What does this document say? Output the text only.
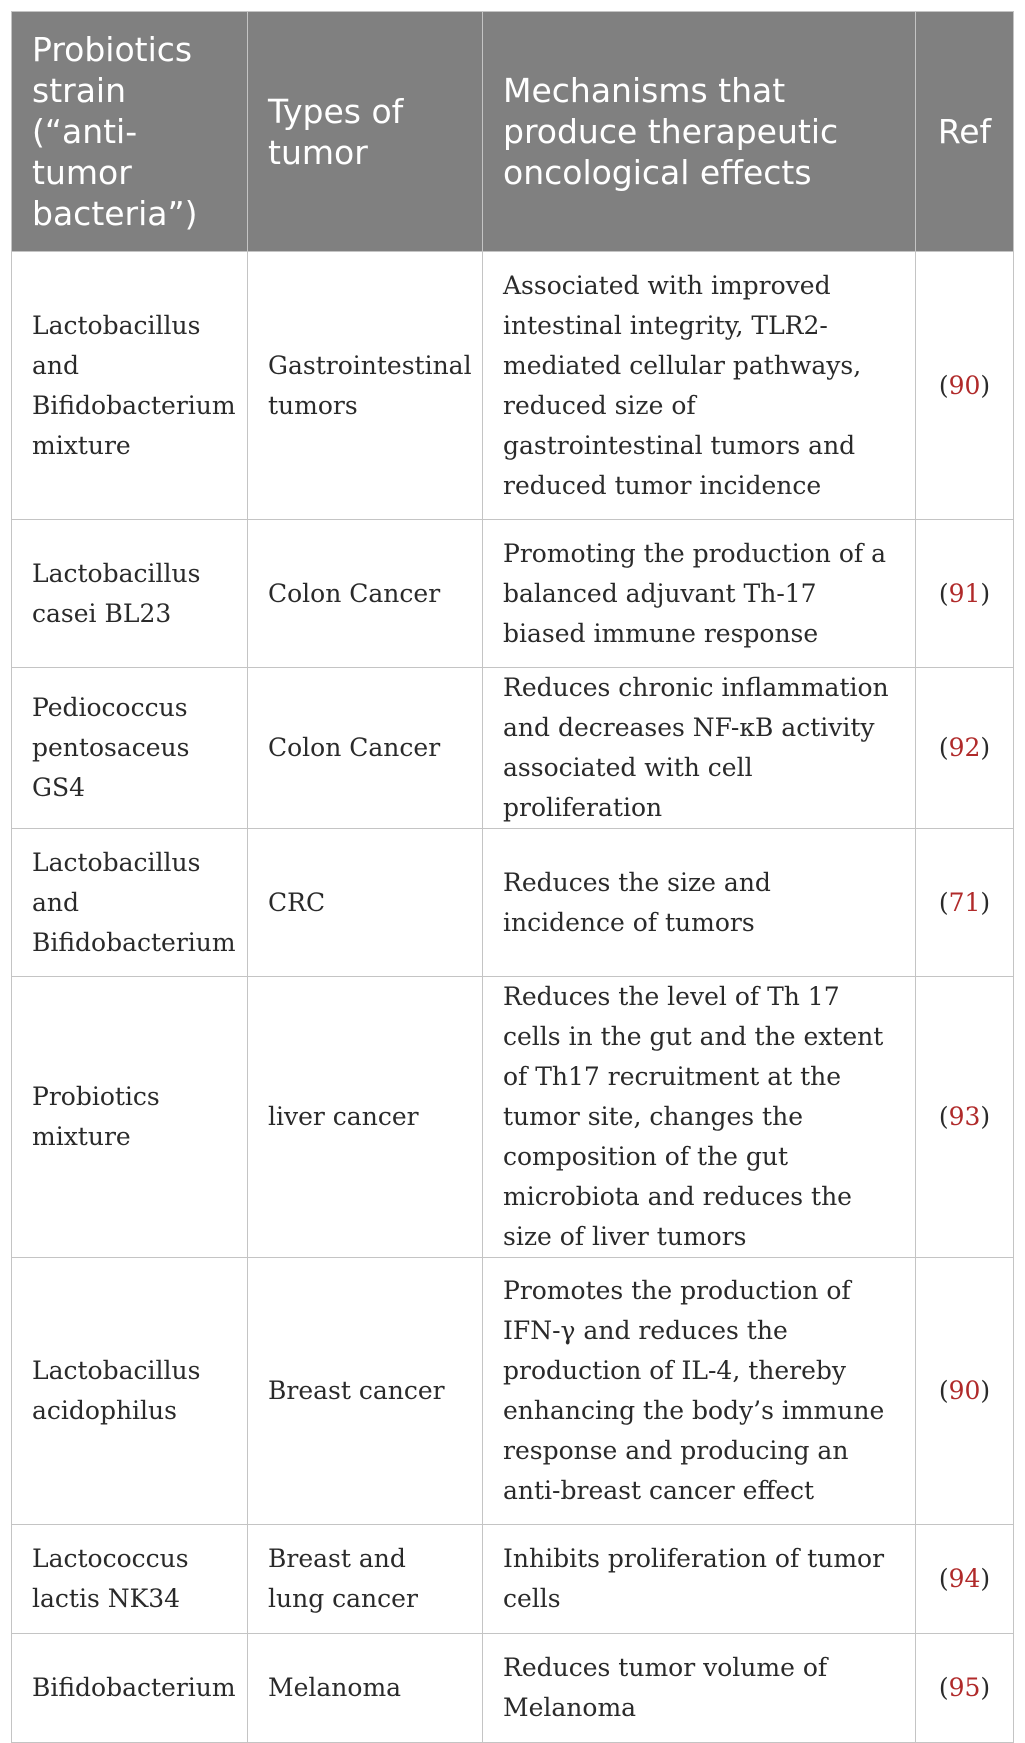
Probiotics strain (“anti-tumor bacteria”)	Types of tumor	Mechanisms that produce therapeutic oncological effects	Ref
Lactobacillus and Bifidobacterium mixture	Gastrointestinal tumors	Associated with improved intestinal integrity, TLR2-mediated cellular pathways, reduced size of gastrointestinal tumors and reduced tumor incidence	(90)
Lactobacillus casei BL23	Colon Cancer	Promoting the production of a balanced adjuvant Th-17 biased immune response	(91)
Pediococcus pentosaceus GS4	Colon Cancer	Reduces chronic inflammation and decreases NF-κB activity associated with cell proliferation	(92)
Lactobacillus and Bifidobacterium	CRC	Reduces the size and incidence of tumors	(71)
Probiotics mixture	liver cancer	Reduces the level of Th 17 cells in the gut and the extent of Th17 recruitment at the tumor site, changes the composition of the gut microbiota and reduces the size of liver tumors	(93)
Lactobacillus acidophilus	Breast cancer	Promotes the production of IFN-γ and reduces the production of IL-4, thereby enhancing the body’s immune response and producing an anti-breast cancer effect	(90)
Lactococcus lactis NK34	Breast and lung cancer	Inhibits proliferation of tumor cells	(94)
Bifidobacterium	Melanoma	Reduces tumor volume of Melanoma	(95)
